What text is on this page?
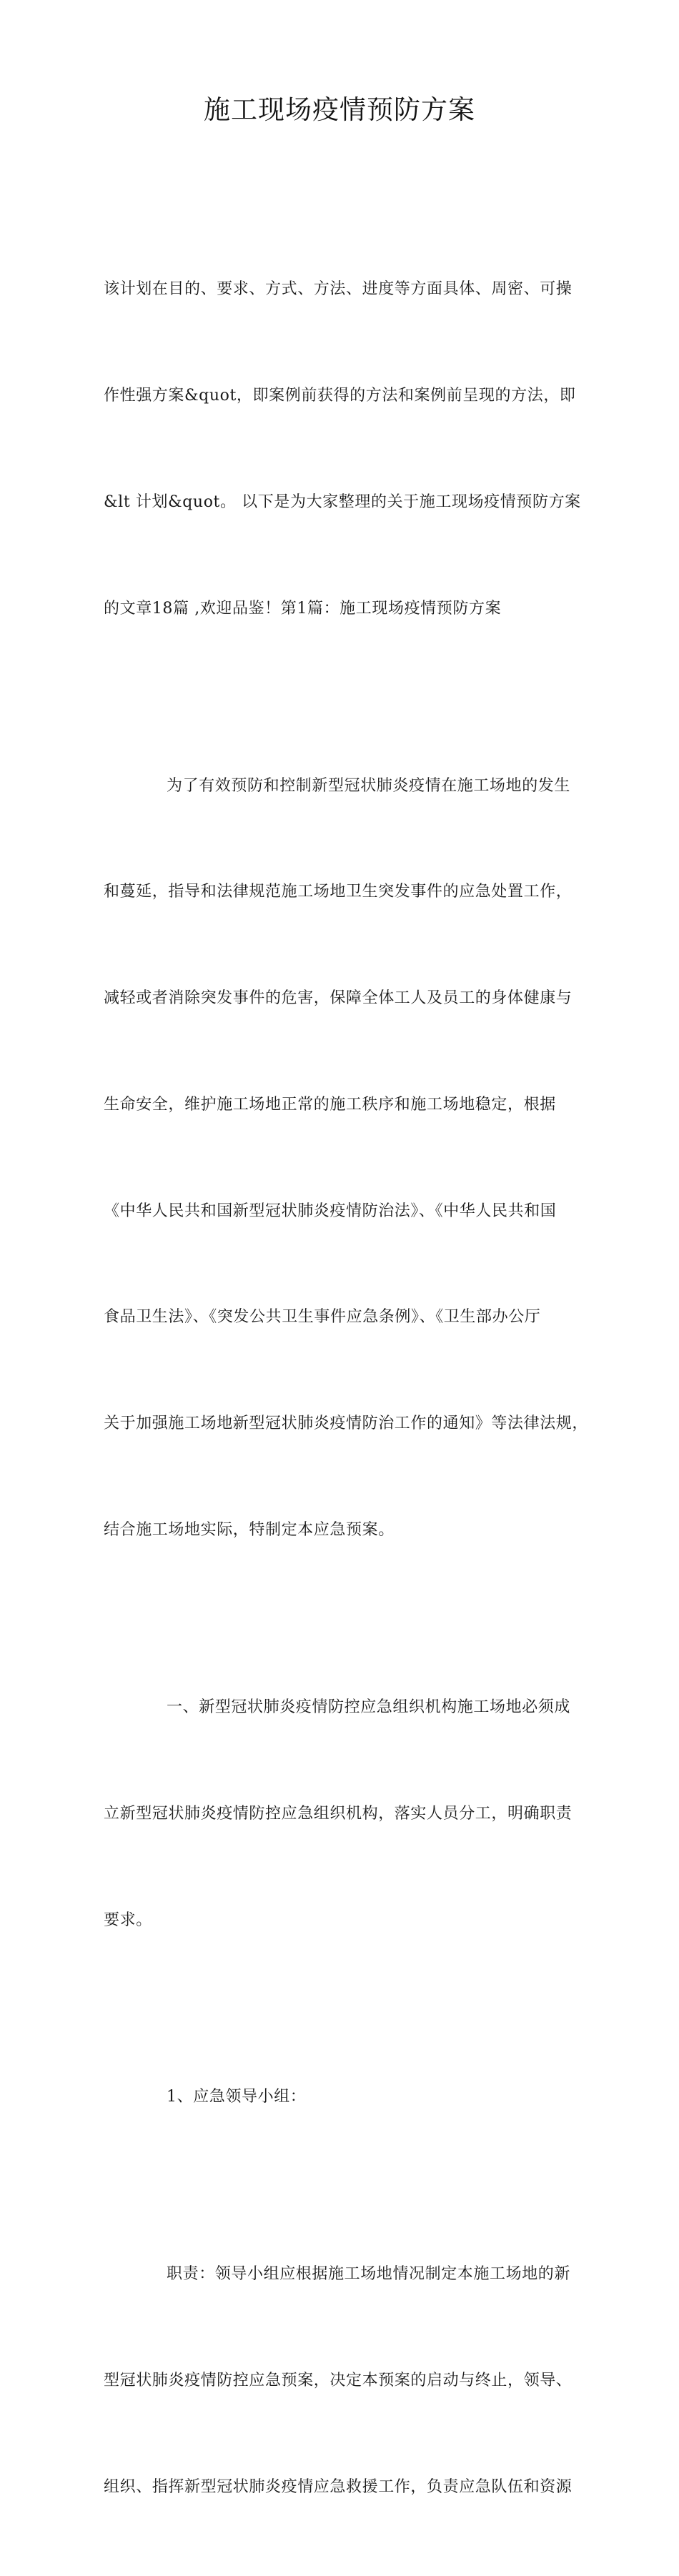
施工现场疫情预防方案

该计划在目的、要求、方式、方法、进度等方面具体、周密、可操

作性强方案&quot，即案例前获得的方法和案例前呈现的方法，即

&lt 计划&quot。 以下是为大家整理的关于施工现场疫情预防方案

的文章18篇 ,欢迎品鉴！第1篇：施工现场疫情预防方案

为了有效预防和控制新型冠状肺炎疫情在施工场地的发生

和蔓延，指导和法律规范施工场地卫生突发事件的应急处置工作，

减轻或者消除突发事件的危害，保障全体工人及员工的身体健康与

生命安全，维护施工场地正常的施工秩序和施工场地稳定，根据

《中华人民共和国新型冠状肺炎疫情防治法》、《中华人民共和国

食品卫生法》、《突发公共卫生事件应急条例》、《卫生部办公厅

关于加强施工场地新型冠状肺炎疫情防治工作的通知》等法律法规，

结合施工场地实际，特制定本应急预案。

一、新型冠状肺炎疫情防控应急组织机构施工场地必须成

立新型冠状肺炎疫情防控应急组织机构，落实人员分工，明确职责

要求。

1、应急领导小组：

职责：领导小组应根据施工场地情况制定本施工场地的新

型冠状肺炎疫情防控应急预案，决定本预案的启动与终止，领导、

组织、指挥新型冠状肺炎疫情应急救援工作，负责应急队伍和资源
